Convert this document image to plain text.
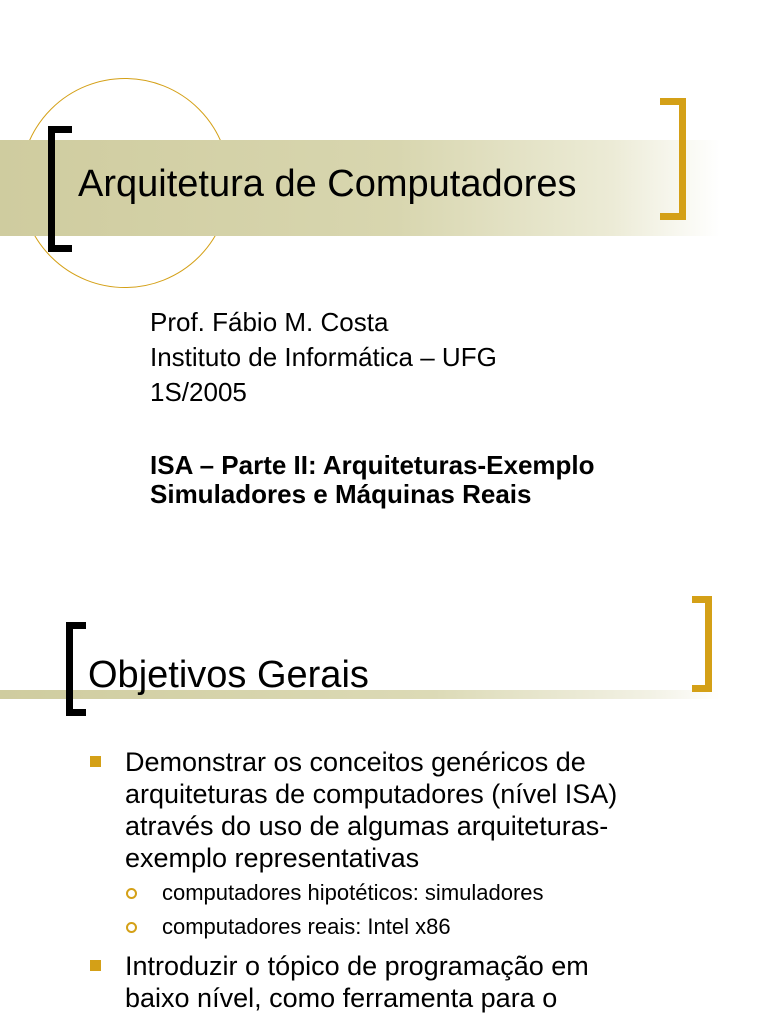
Arquitetura de Computadores
Prof. Fábio M. Costa
Instituto de Informática – UFG
1S/2005
ISA – Parte II: Arquiteturas-Exemplo
Simuladores e Máquinas Reais
Objetivos Gerais
Demonstrar os conceitos genéricos de
arquiteturas de computadores (nível ISA)
através do uso de algumas arquiteturas-
exemplo representativas
computadores hipotéticos: simuladores
computadores reais: Intel x86
Introduzir o tópico de programação em
baixo nível, como ferramenta para o
